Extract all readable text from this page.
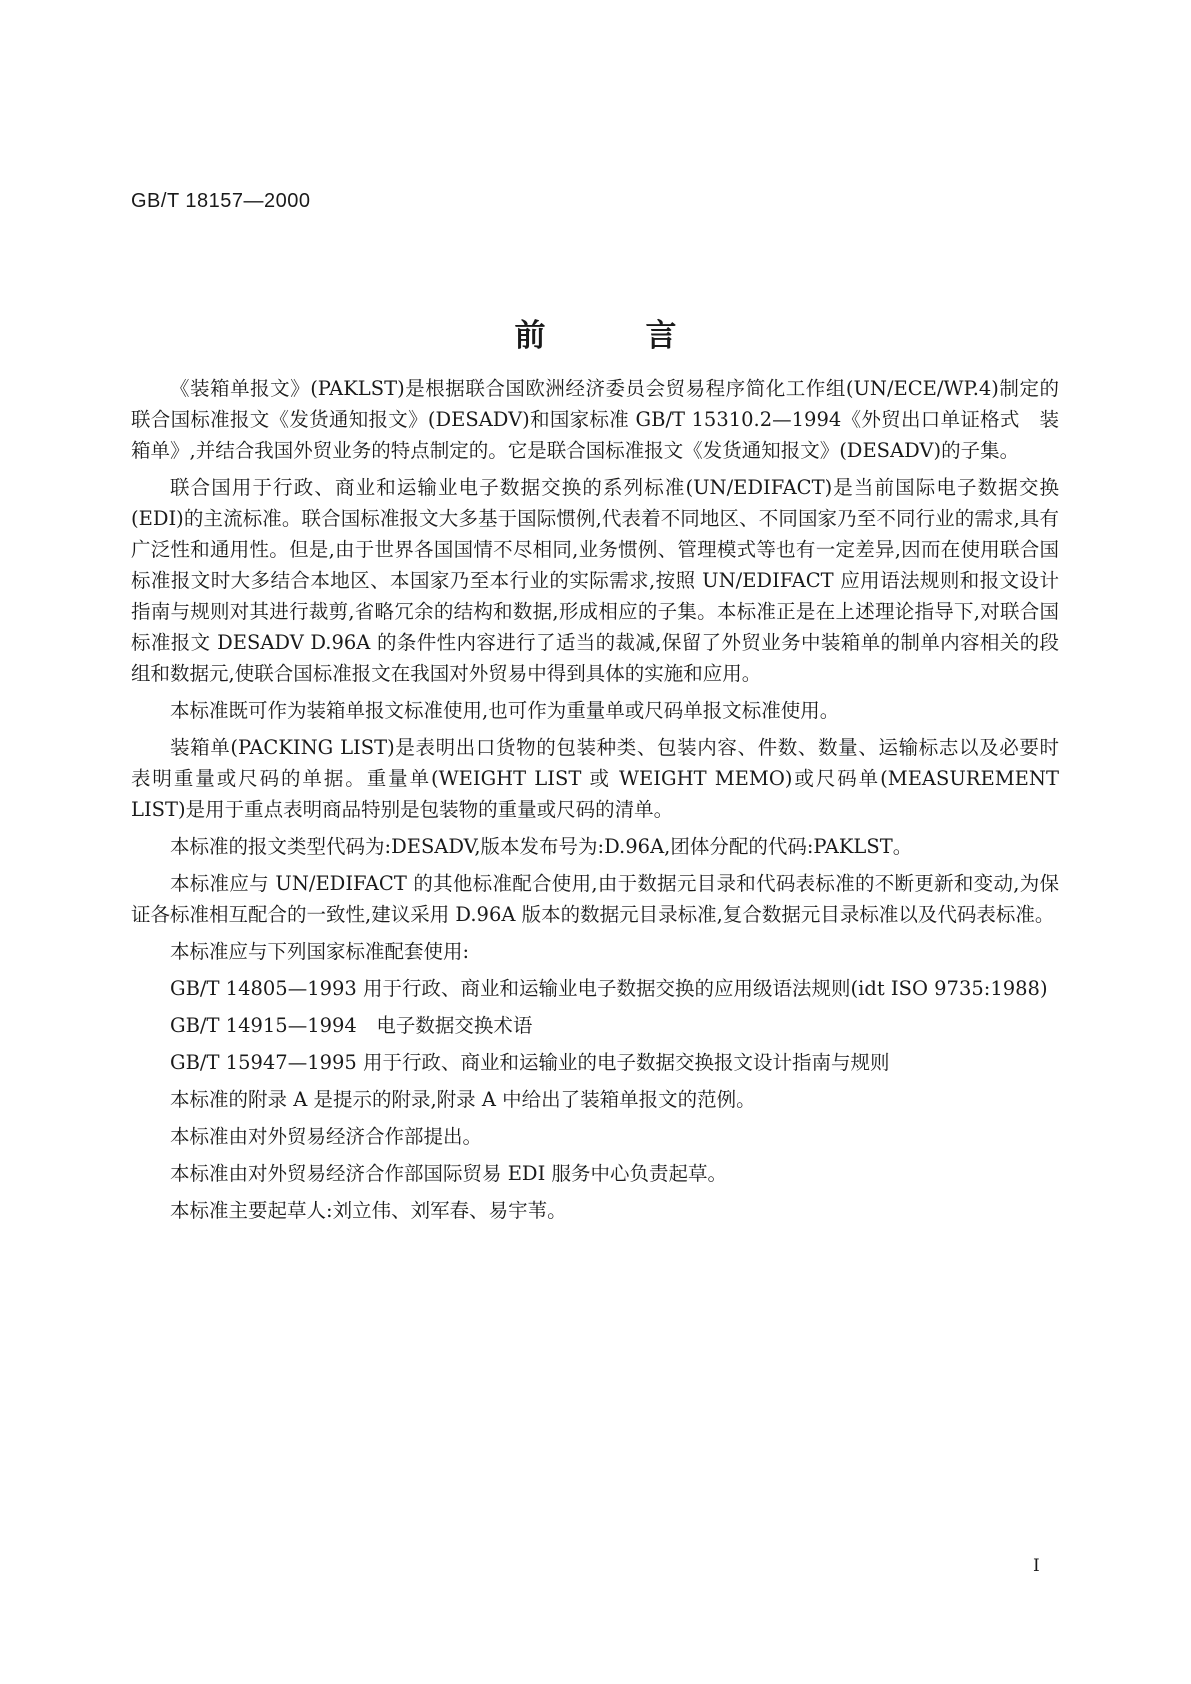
GB/T 18157—2000
前言

《装箱单报文》(PAKLST)是根据联合国欧洲经济委员会贸易程序简化工作组(UN/ECE/WP.4)制定的联合国标准报文《发货通知报文》(DESADV)和国家标准 GB/T 15310.2—1994《外贸出口单证格式　装箱单》,并结合我国外贸业务的特点制定的。它是联合国标准报文《发货通知报文》(DESADV)的子集。

联合国用于行政、商业和运输业电子数据交换的系列标准(UN/EDIFACT)是当前国际电子数据交换(EDI)的主流标准。联合国标准报文大多基于国际惯例,代表着不同地区、不同国家乃至不同行业的需求,具有广泛性和通用性。但是,由于世界各国国情不尽相同,业务惯例、管理模式等也有一定差异,因而在使用联合国标准报文时大多结合本地区、本国家乃至本行业的实际需求,按照 UN/EDIFACT 应用语法规则和报文设计指南与规则对其进行裁剪,省略冗余的结构和数据,形成相应的子集。本标准正是在上述理论指导下,对联合国标准报文 DESADV D.96A 的条件性内容进行了适当的裁减,保留了外贸业务中装箱单的制单内容相关的段组和数据元,使联合国标准报文在我国对外贸易中得到具体的实施和应用。

本标准既可作为装箱单报文标准使用,也可作为重量单或尺码单报文标准使用。

装箱单(PACKING LIST)是表明出口货物的包装种类、包装内容、件数、数量、运输标志以及必要时 表明重量或尺码的单据。重量单(WEIGHT LIST 或 WEIGHT MEMO)或尺码单(MEASUREMENT LIST)是用于重点表明商品特别是包装物的重量或尺码的清单。

本标准的报文类型代码为:DESADV,版本发布号为:D.96A,团体分配的代码:PAKLST。

本标准应与 UN/EDIFACT 的其他标准配合使用,由于数据元目录和代码表标准的不断更新和变动,为保证各标准相互配合的一致性,建议采用 D.96A 版本的数据元目录标准,复合数据元目录标准以及代码表标准。

本标准应与下列国家标准配套使用:

GB/T 14805—1993 用于行政、商业和运输业电子数据交换的应用级语法规则(idt ISO 9735:1988)

GB/T 14915—1994　电子数据交换术语

GB/T 15947—1995 用于行政、商业和运输业的电子数据交换报文设计指南与规则

本标准的附录 A 是提示的附录,附录 A 中给出了装箱单报文的范例。

本标准由对外贸易经济合作部提出。

本标准由对外贸易经济合作部国际贸易 EDI 服务中心负责起草。

本标准主要起草人:刘立伟、刘军春、易宇苇。

I
